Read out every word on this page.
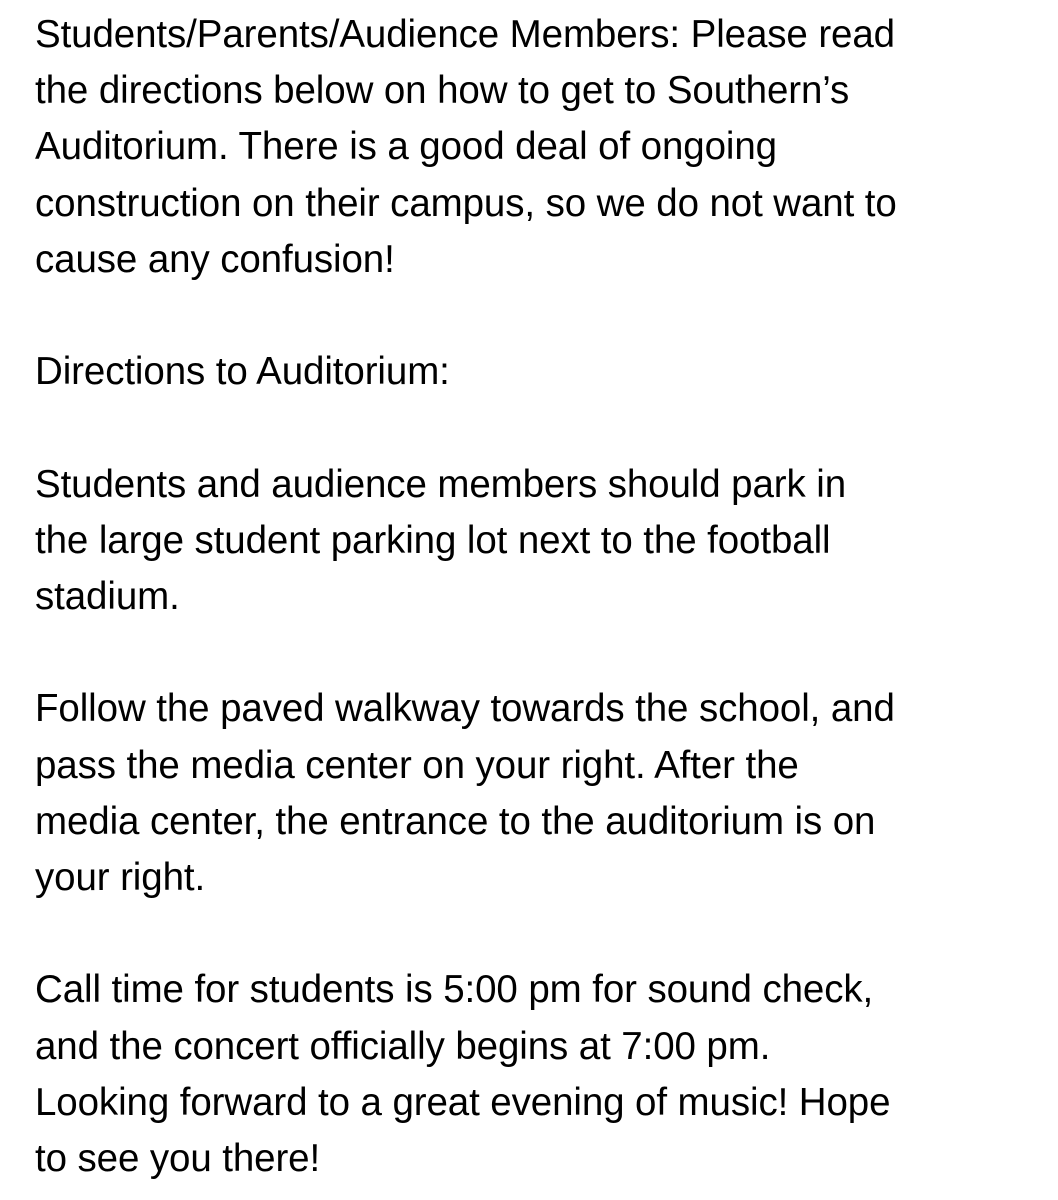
Students/Parents/Audience Members: Please read
the directions below on how to get to Southern’s
Auditorium. There is a good deal of ongoing
construction on their campus, so we do not want to
cause any confusion!

Directions to Auditorium:

Students and audience members should park in
the large student parking lot next to the football
stadium.

Follow the paved walkway towards the school, and
pass the media center on your right. After the
media center, the entrance to the auditorium is on
your right.

Call time for students is 5:00 pm for sound check,
and the concert officially begins at 7:00 pm.
Looking forward to a great evening of music! Hope
to see you there!
